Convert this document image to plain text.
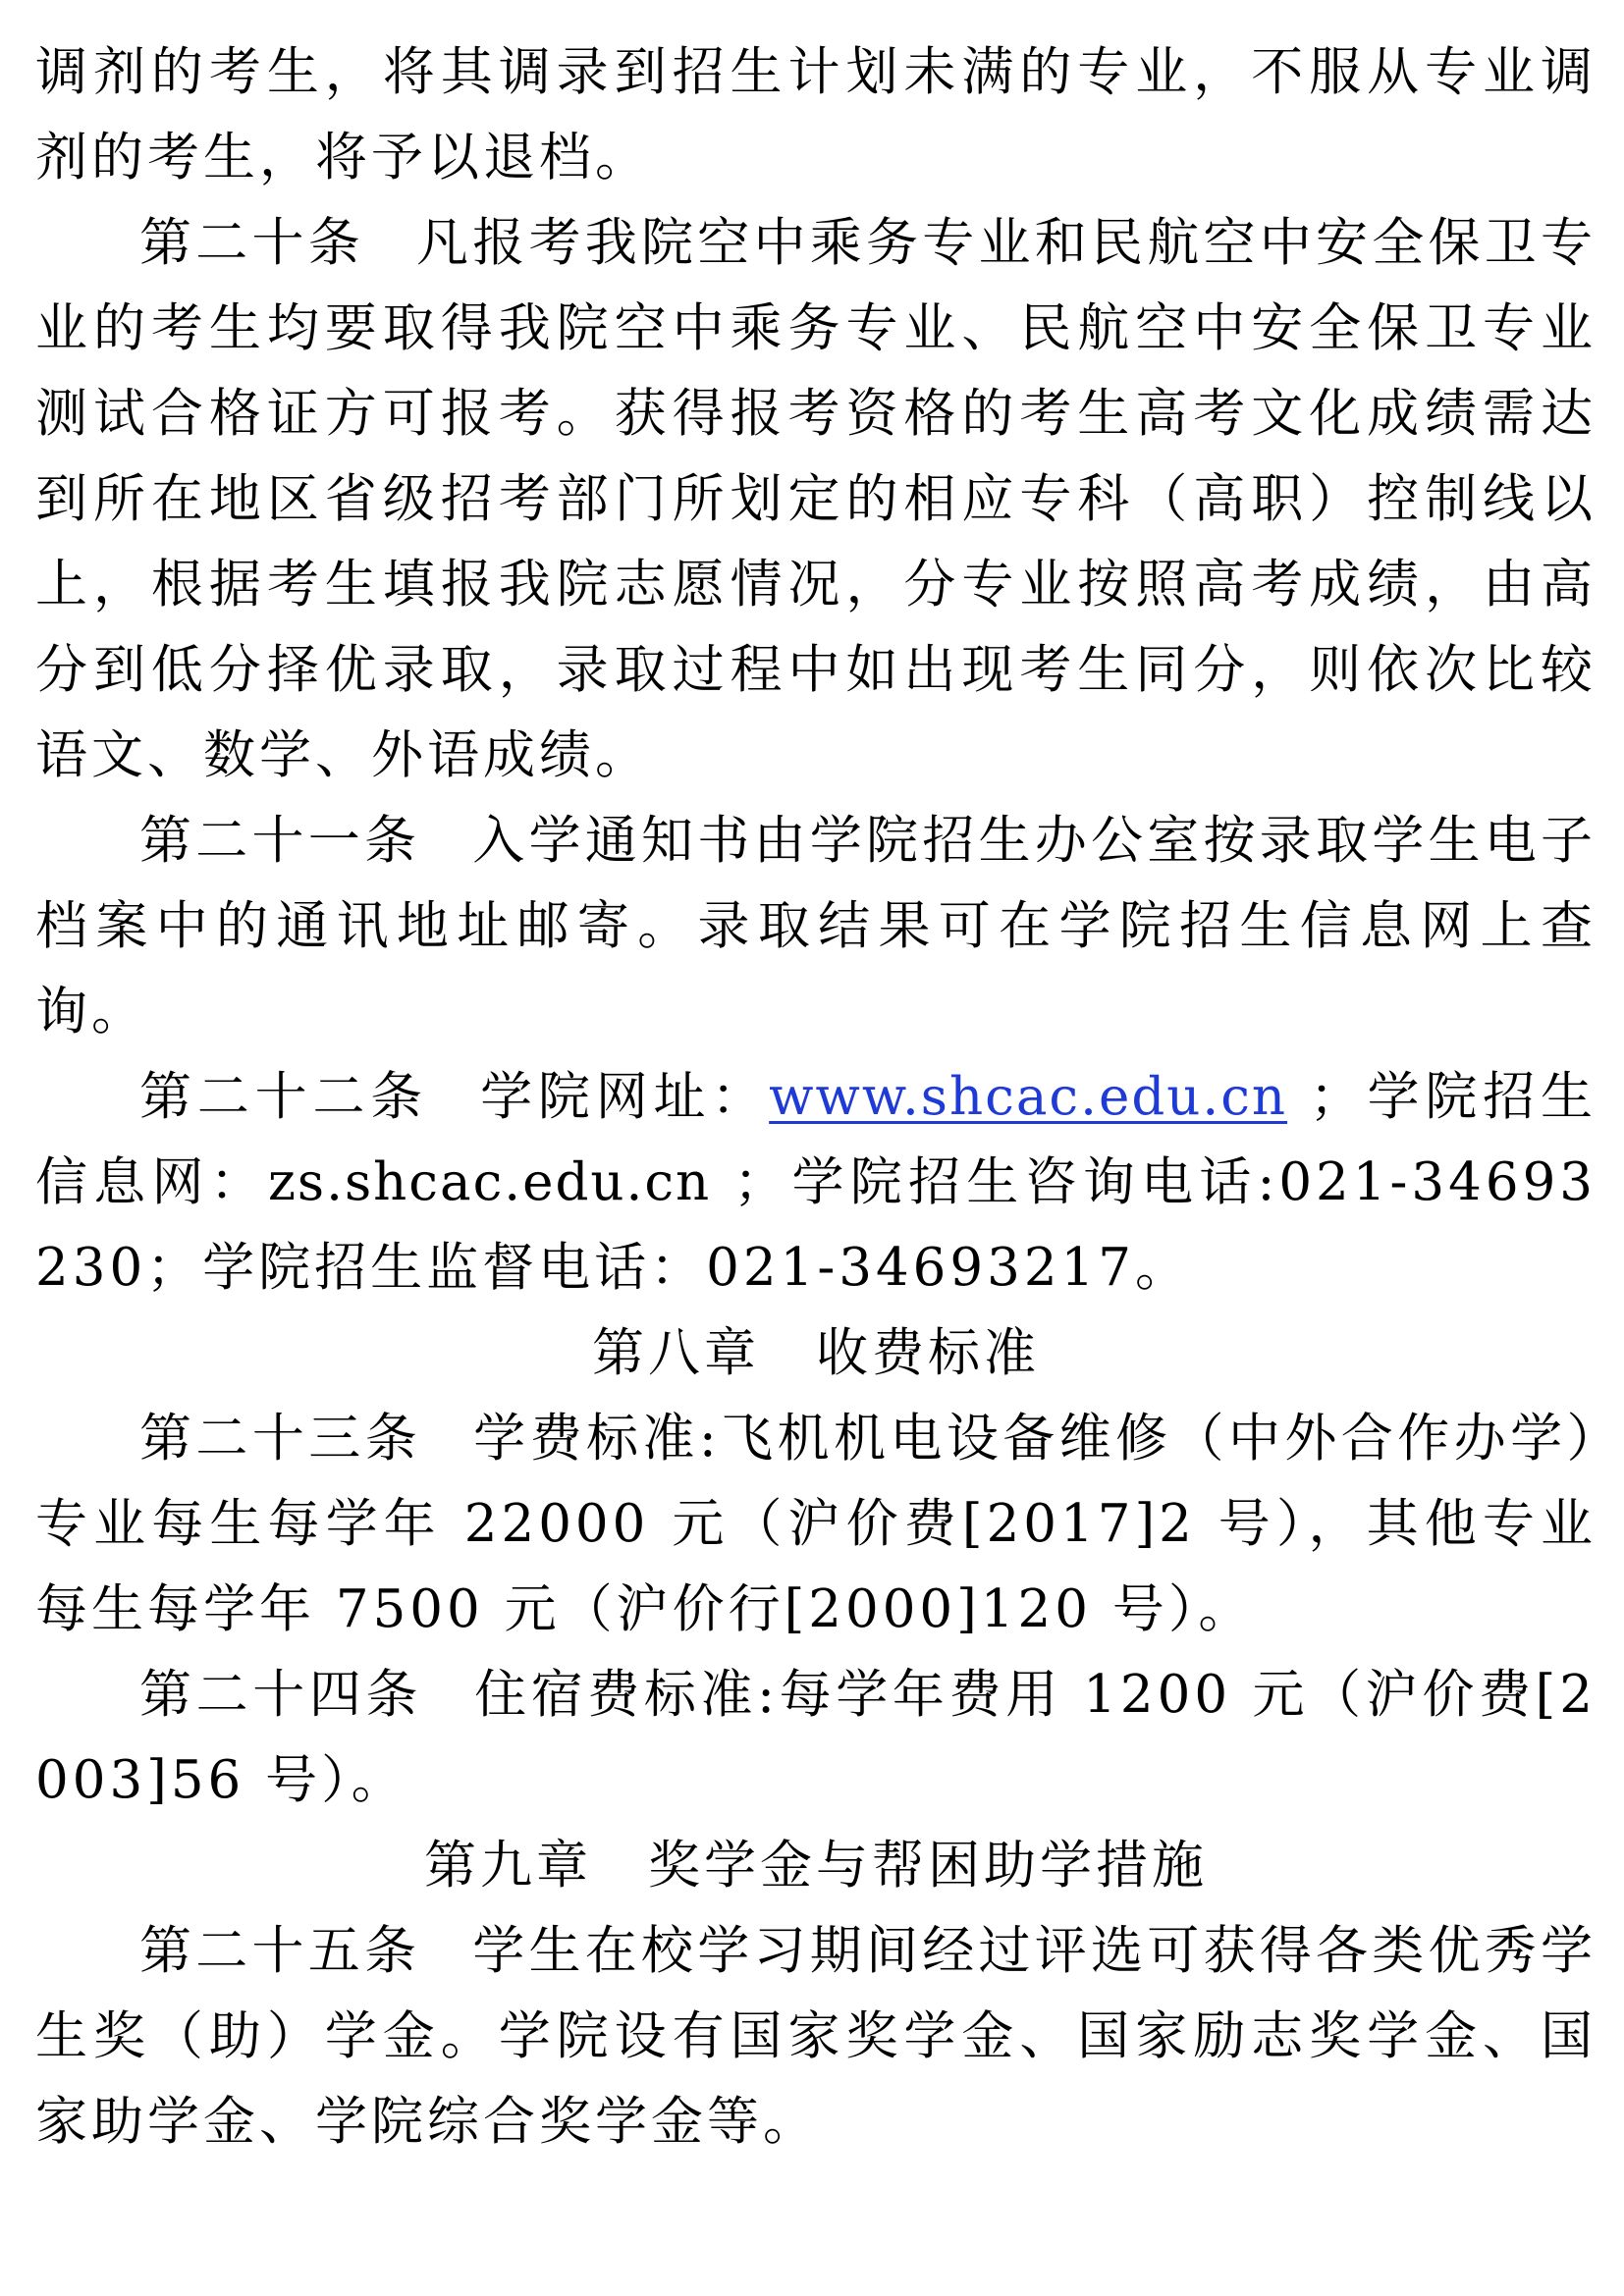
调剂的考生，将其调录到招生计划未满的专业，不服从专业调剂的考生，将予以退档。

第二十条 凡报考我院空中乘务专业和民航空中安全保卫专业的考生均要取得我院空中乘务专业、民航空中安全保卫专业测试合格证方可报考。获得报考资格的考生高考文化成绩需达到所在地区省级招考部门所划定的相应专科（高职）控制线以上，根据考生填报我院志愿情况，分专业按照高考成绩，由高分到低分择优录取，录取过程中如出现考生同分，则依次比较语文、数学、外语成绩。

第二十一条 入学通知书由学院招生办公室按录取学生电子档案中的通讯地址邮寄。录取结果可在学院招生信息网上查询。

第二十二条 学院网址：www.shcac.edu.cn ；学院招生信息网：zs.shcac.edu.cn ；学院招生咨询电话:021-34693230；学院招生监督电话：021-34693217。

第八章　收费标准

第二十三条 学费标准:飞机机电设备维修（中外合作办学）专业每生每学年 22000 元（沪价费[2017]2 号），其他专业每生每学年 7500 元（沪价行[2000]120 号）。

第二十四条 住宿费标准:每学年费用 1200 元（沪价费[2003]56 号）。

第九章　奖学金与帮困助学措施

第二十五条 学生在校学习期间经过评选可获得各类优秀学生奖（助）学金。学院设有国家奖学金、国家励志奖学金、国家助学金、学院综合奖学金等。
